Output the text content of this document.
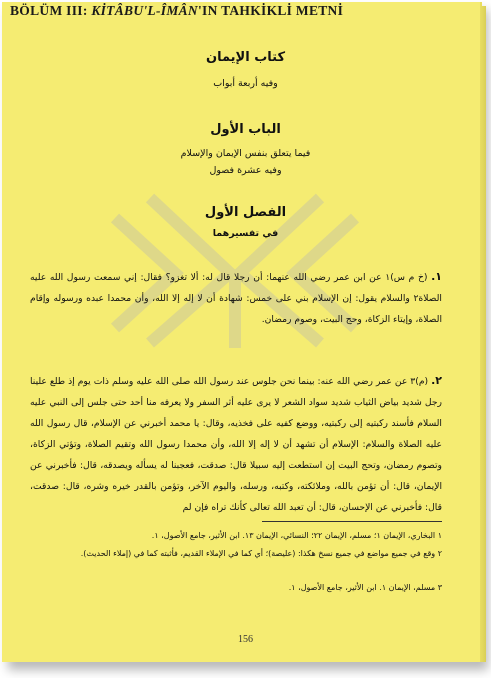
BÖLÜM III: KİTÂBU'L-ÎMÂN'IN TAHKİKLİ METNİ
كتاب الإيمان
وفيه أربعة أبواب
الباب الأول
فيما يتعلق بنفس الإيمان والإسلام
وفيه عشرة فصول
الفصل الأول
في تفسيرهما
١. (خ م س)١ عن ابن عمر رضي الله عنهما: أن رجلا قال له: ألا تغزو؟ فقال: إني سمعت رسول الله عليه الصلاة٢ والسلام يقول: إن الإسلام بني على خمس: شهادة أن لا إله إلا الله، وأن محمدا عبده ورسوله وإقام الصلاة، وإيتاء الزكاة، وحج البيت، وصوم رمضان.
٢. (م)٣ عن عمر رضي الله عنه: بينما نحن جلوس عند رسول الله صلى الله عليه وسلم ذات يوم إذ طلع علينا رجل شديد بياض الثياب شديد سواد الشعر لا يرى عليه أثر السفر ولا يعرفه منا أحد حتى جلس إلى النبي عليه السلام فأسند ركبتيه إلى ركبتيه، ووضع كفيه على فخذيه، وقال: يا محمد أخبرني عن الإسلام، قال رسول الله عليه الصلاة والسلام: الإسلام أن تشهد أن لا إله إلا الله، وأن محمدا رسول الله وتقيم الصلاة، وتؤتي الزكاة، وتصوم رمضان، وتحج البيت إن استطعت إليه سبيلا قال: صدقت، فعجبنا له يسأله ويصدقه، قال: فأخبرني عن الإيمان، قال: أن تؤمن بالله، وملائكته، وكتبه، ورسله، واليوم الآخر، وتؤمن بالقدر خيره وشره، قال: صدقت، قال: فأخبرني عن الإحسان، قال: أن تعبد الله تعالى كأنك تراه فإن لم
١ البخاري، الإيمان ١؛ مسلم، الإيمان ٢٢؛ النسائي، الإيمان ١٣. ابن الأثير، جامع الأصول، ١.
٢ وقع في جميع مواضع في جميع نسخ هكذا: (عليصة)؛ أي كما في الإملاء القديم، فأثبته كما في (إملاء الحديث).
٣ مسلم، الإيمان ١. ابن الأثير، جامع الأصول، ١.
156
